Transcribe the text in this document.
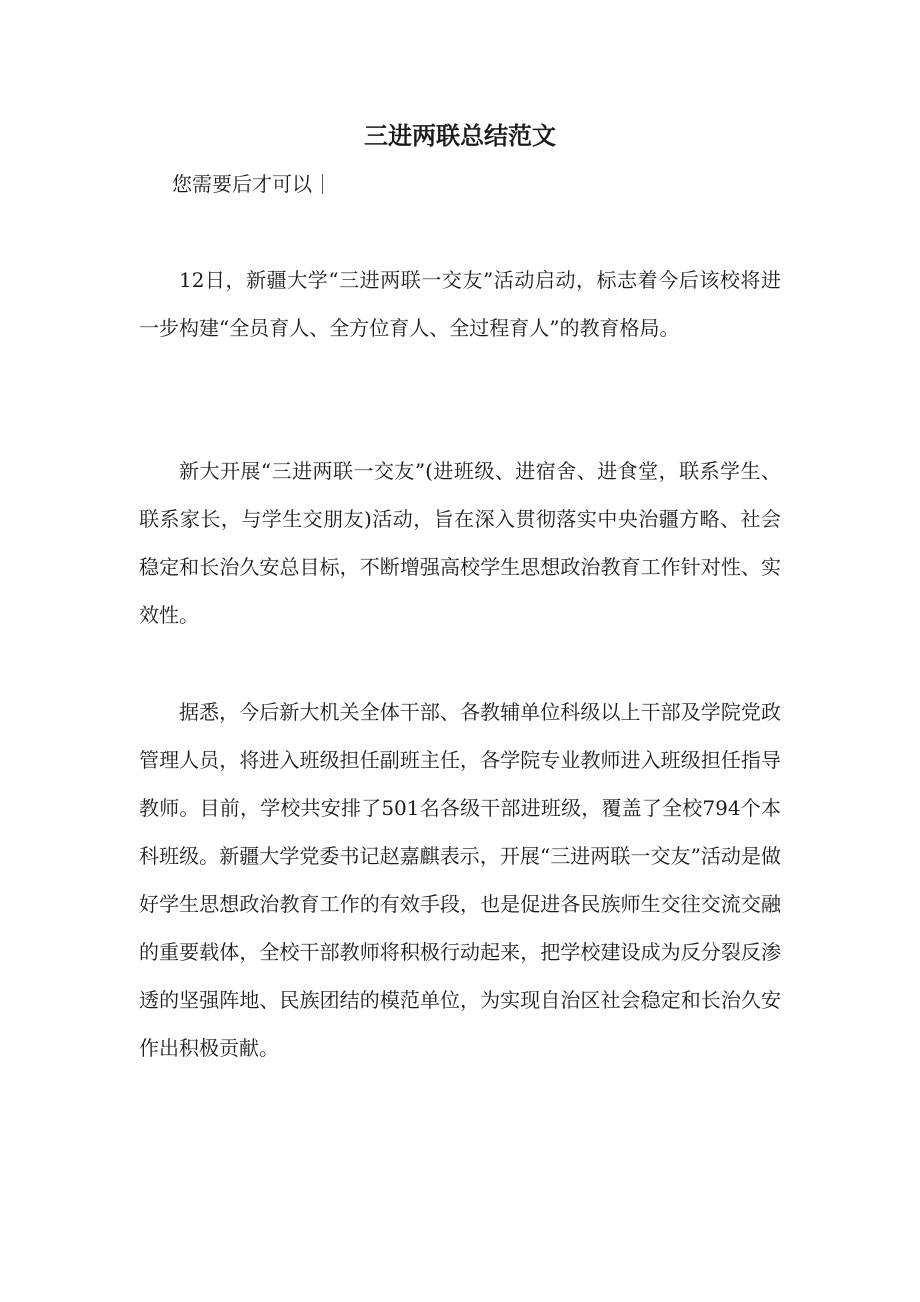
三进两联总结范文
您需要后才可以

12日，新疆大学“三进两联一交友”活动启动，标志着今后该校将进一步构建“全员育人、全方位育人、全过程育人”的教育格局。

新大开展“三进两联一交友”(进班级、进宿舍、进食堂，联系学生、联系家长，与学生交朋友)活动，旨在深入贯彻落实中央治疆方略、社会稳定和长治久安总目标，不断增强高校学生思想政治教育工作针对性、实效性。

据悉，今后新大机关全体干部、各教辅单位科级以上干部及学院党政管理人员，将进入班级担任副班主任，各学院专业教师进入班级担任指导教师。目前，学校共安排了501名各级干部进班级，覆盖了全校794个本科班级。新疆大学党委书记赵嘉麒表示，开展“三进两联一交友”活动是做好学生思想政治教育工作的有效手段，也是促进各民族师生交往交流交融的重要载体，全校干部教师将积极行动起来，把学校建设成为反分裂反渗透的坚强阵地、民族团结的模范单位，为实现自治区社会稳定和长治久安作出积极贡献。
